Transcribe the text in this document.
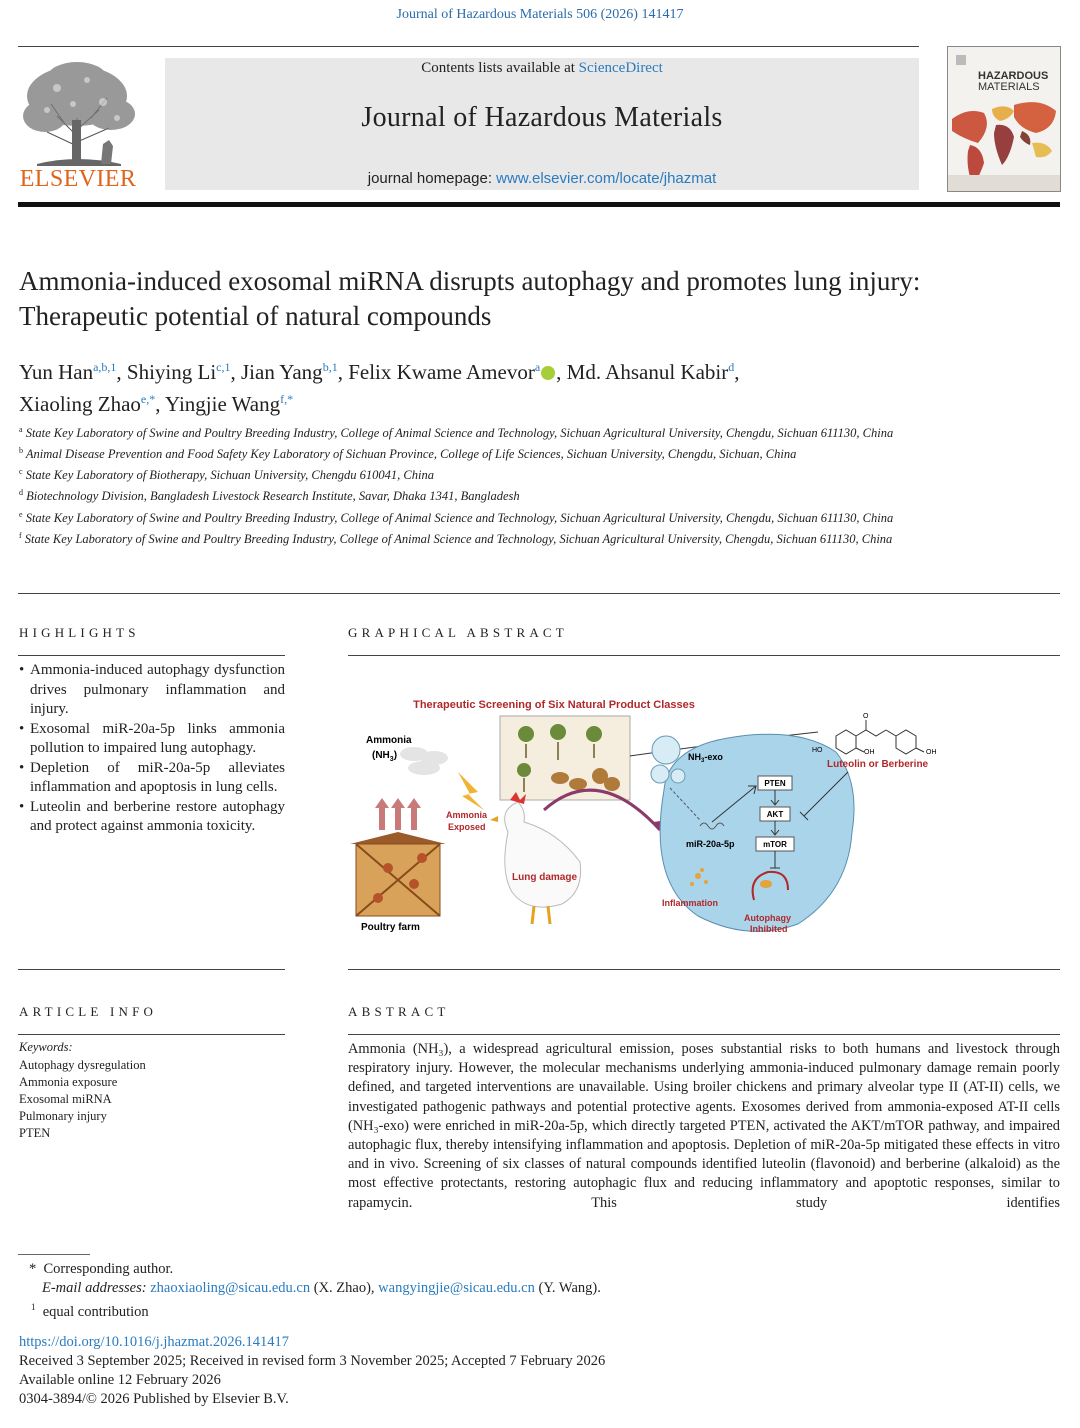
Journal of Hazardous Materials 506 (2026) 141417
ELSEVIER
Contents lists available at ScienceDirect
Journal of Hazardous Materials
journal homepage: www.elsevier.com/locate/jhazmat
HAZARDOUS
MATERIALS
Ammonia-induced exosomal miRNA disrupts autophagy and promotes lung injury: Therapeutic potential of natural compounds
Yun Han$^{a,b,1}$, Shiying Li$^{c,1}$, Jian Yang$^{b,1}$, Felix Kwame Amevor$^a$ , Md. Ahsanul Kabir$^d$,
Xiaoling Zhao$^{e,*}$, Yingjie Wang$^{f,*}$
$^a$ State Key Laboratory of Swine and Poultry Breeding Industry, College of Animal Science and Technology, Sichuan Agricultural University, Chengdu, Sichuan 611130, China
$^b$ Animal Disease Prevention and Food Safety Key Laboratory of Sichuan Province, College of Life Sciences, Sichuan University, Chengdu, Sichuan, China
$^c$ State Key Laboratory of Biotherapy, Sichuan University, Chengdu 610041, China
$^d$ Biotechnology Division, Bangladesh Livestock Research Institute, Savar, Dhaka 1341, Bangladesh
$^e$ State Key Laboratory of Swine and Poultry Breeding Industry, College of Animal Science and Technology, Sichuan Agricultural University, Chengdu, Sichuan 611130, China
$^f$ State Key Laboratory of Swine and Poultry Breeding Industry, College of Animal Science and Technology, Sichuan Agricultural University, Chengdu, Sichuan 611130, China
HIGHLIGHTS
• Ammonia-induced autophagy dysfunction drives pulmonary inflammation and injury.
• Exosomal miR-20a-5p links ammonia pollution to impaired lung autophagy.
• Depletion of miR-20a-5p alleviates inflammation and apoptosis in lung cells.
• Luteolin and berberine restore autophagy and protect against ammonia toxicity.
GRAPHICAL ABSTRACT
Therapeutic Screening of Six Natural Product Classes
Ammonia
$(NH_3)$
Ammonia
Exposed
Poultry farm
Lung damage
$NH_3$-exo
PTEN
AKT
mTOR
miR-20a-5p
Inflammation
Autophagy
Inhibited
HO	OH
O
OH
Luteolin or Berberine
ARTICLE INFO
Keywords:
Autophagy dysregulation
Ammonia exposure
Exosomal miRNA
Pulmonary injury
PTEN
ABSTRACT
Ammonia (NH₃), a widespread agricultural emission, poses substantial risks to both humans and livestock through respiratory injury. However, the molecular mechanisms underlying ammonia-induced pulmonary damage remain poorly defined, and targeted interventions are unavailable. Using broiler chickens and primary alveolar type II (AT-II) cells, we investigated pathogenic pathways and potential protective agents. Exosomes derived from ammonia-exposed AT-II cells (NH₃-exo) were enriched in miR-20a-5p, which directly targeted PTEN, activated the AKT/mTOR pathway, and impaired autophagic flux, thereby intensifying inflammation and apoptosis. Depletion of miR-20a-5p mitigated these effects in vitro and in vivo. Screening of six classes of natural compounds identified luteolin (flavonoid) and berberine (alkaloid) as the most effective protectants, restoring autophagic flux and reducing inflammatory and apoptotic responses, similar to rapamycin. This study identifies
* Corresponding author.
E-mail addresses: zhaoxiaoling@sicau.edu.cn (X. Zhao), wangyingjie@sicau.edu.cn (Y. Wang).
$^1$ equal contribution
https://doi.org/10.1016/j.jhazmat.2026.141417
Received 3 September 2025; Received in revised form 3 November 2025; Accepted 7 February 2026
Available online 12 February 2026
0304-3894/© 2026 Published by Elsevier B.V.
